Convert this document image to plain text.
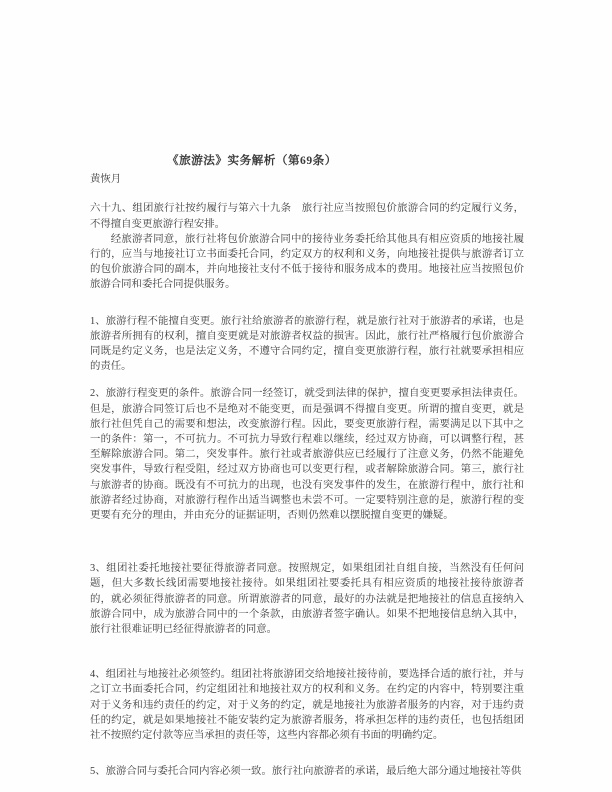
《旅游法》实务解析（第69条）
黄恢月

六十九、组团旅行社按约履行与第六十九条　旅行社应当按照包价旅游合同的约定履行义务，不得擅自变更旅游行程安排。

经旅游者同意，旅行社将包价旅游合同中的接待业务委托给其他具有相应资质的地接社履行的，应当与地接社订立书面委托合同，约定双方的权利和义务，向地接社提供与旅游者订立的包价旅游合同的副本，并向地接社支付不低于接待和服务成本的费用。地接社应当按照包价旅游合同和委托合同提供服务。

1、旅游行程不能擅自变更。旅行社给旅游者的旅游行程，就是旅行社对于旅游者的承诺，也是旅游者所拥有的权利，擅自变更就是对旅游者权益的损害。因此，旅行社严格履行包价旅游合同既是约定义务，也是法定义务，不遵守合同约定，擅自变更旅游行程，旅行社就要承担相应的责任。

2、旅游行程变更的条件。旅游合同一经签订，就受到法律的保护，擅自变更要承担法律责任。但是，旅游合同签订后也不是绝对不能变更，而是强调不得擅自变更。所谓的擅自变更，就是旅行社但凭自己的需要和想法，改变旅游行程。因此，要变更旅游行程，需要满足以下其中之一的条件：第一，不可抗力。不可抗力导致行程难以继续，经过双方协商，可以调整行程，甚至解除旅游合同。第二，突发事件。旅行社或者旅游供应已经履行了注意义务，仍然不能避免突发事件，导致行程受阻，经过双方协商也可以变更行程，或者解除旅游合同。第三，旅行社与旅游者的协商。既没有不可抗力的出现，也没有突发事件的发生，在旅游行程中，旅行社和旅游者经过协商，对旅游行程作出适当调整也未尝不可。一定要特别注意的是，旅游行程的变更要有充分的理由，并由充分的证据证明，否则仍然难以摆脱擅自变更的嫌疑。

3、组团社委托地接社要征得旅游者同意。按照规定，如果组团社自组自接，当然没有任何问题，但大多数长线团需要地接社接待。如果组团社要委托具有相应资质的地接社接待旅游者的，就必须征得旅游者的同意。所谓旅游者的同意，最好的办法就是把地接社的信息直接纳入旅游合同中，成为旅游合同中的一个条款，由旅游者签字确认。如果不把地接信息纳入其中，旅行社很难证明已经征得旅游者的同意。

4、组团社与地接社必须签约。组团社将旅游团交给地接社接待前，要选择合适的旅行社，并与之订立书面委托合同，约定组团社和地接社双方的权利和义务。在约定的内容中，特别要注重对于义务和违约责任的约定，对于义务的约定，就是地接社为旅游者服务的内容，对于违约责任的约定，就是如果地接社不能安装约定为旅游者服务，将承担怎样的违约责任，也包括组团社不按照约定付款等应当承担的责任等，这些内容都必须有书面的明确约定。

5、旅游合同与委托合同内容必须一致。旅行社向旅游者的承诺，最后绝大部分通过地接社等供
